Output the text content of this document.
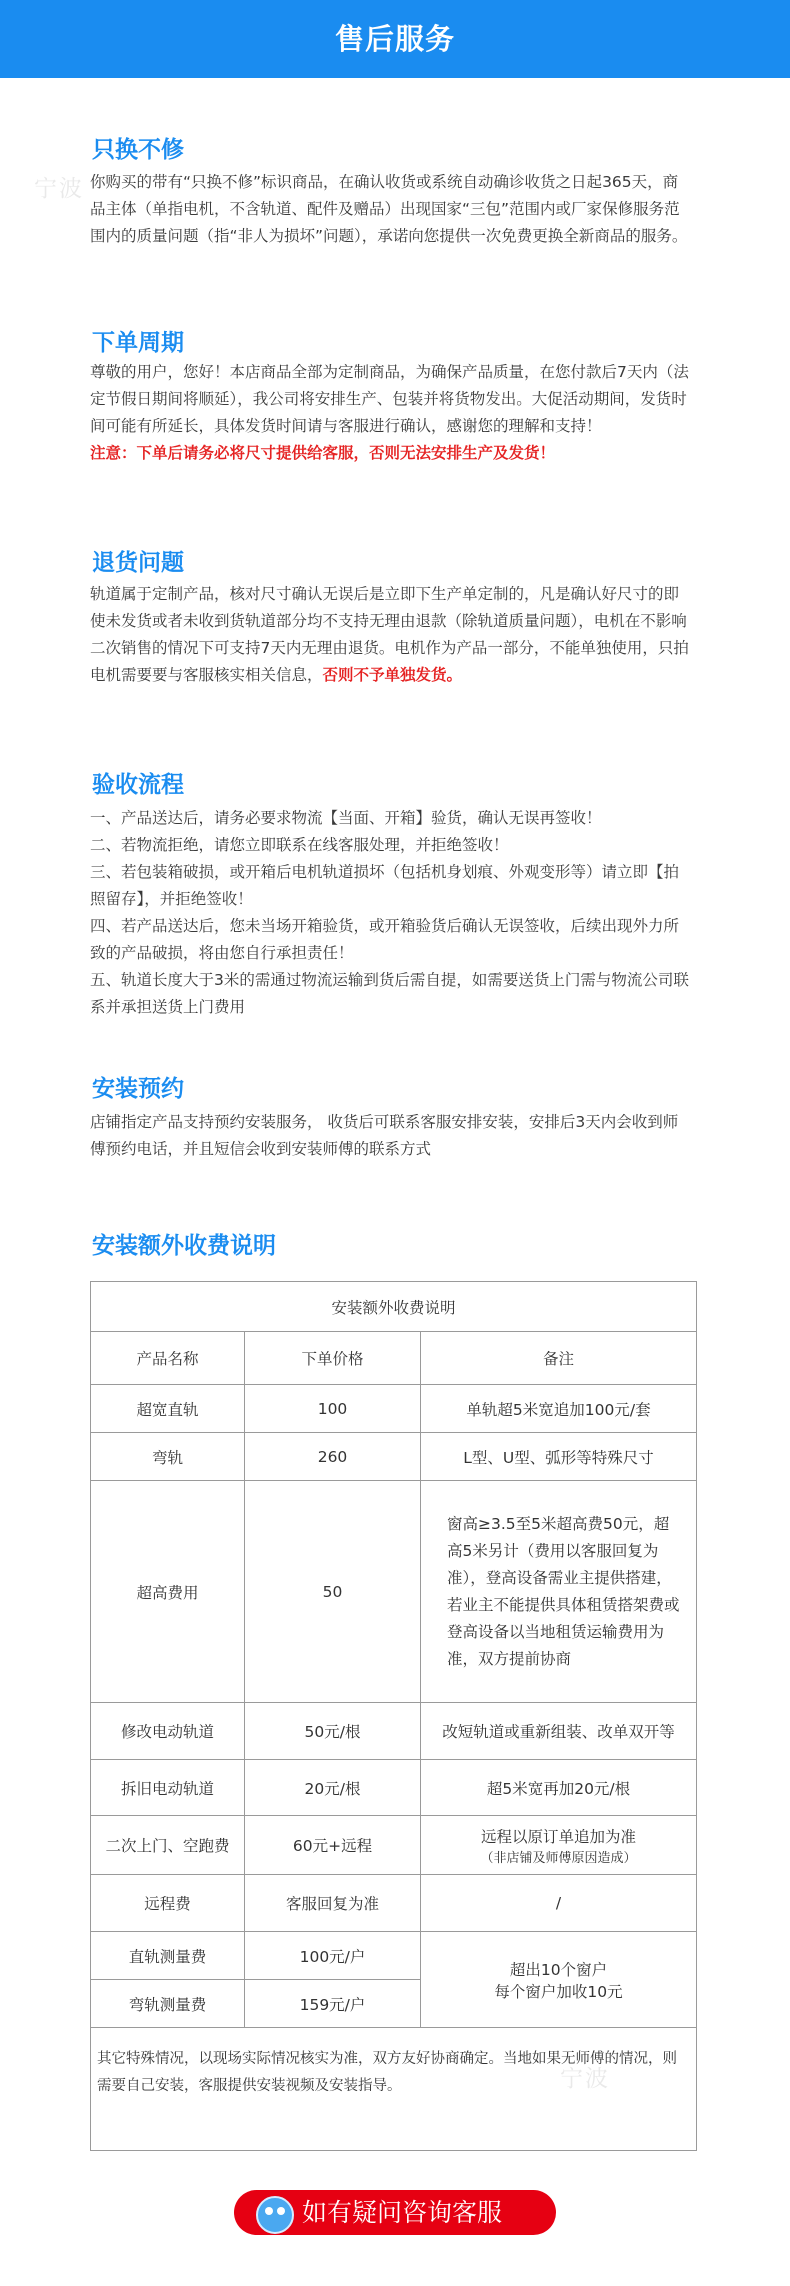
售后服务
宁波
宁波
只换不修
你购买的带有“只换不修”标识商品，在确认收货或系统自动确诊收货之日起365天，商品主体（单指电机，不含轨道、配件及赠品）出现国家“三包”范围内或厂家保修服务范围内的质量问题（指“非人为损坏”问题），承诺向您提供一次免费更换全新商品的服务。
下单周期
尊敬的用户，您好！本店商品全部为定制商品，为确保产品质量，在您付款后7天内（法定节假日期间将顺延），我公司将安排生产、包装并将货物发出。大促活动期间，发货时间可能有所延长，具体发货时间请与客服进行确认，感谢您的理解和支持！
注意：下单后请务必将尺寸提供给客服，否则无法安排生产及发货！
退货问题
轨道属于定制产品，核对尺寸确认无误后是立即下生产单定制的，凡是确认好尺寸的即使未发货或者未收到货轨道部分均不支持无理由退款（除轨道质量问题），电机在不影响二次销售的情况下可支持7天内无理由退货。电机作为产品一部分，不能单独使用，只拍电机需要要与客服核实相关信息，否则不予单独发货。
验收流程
一、产品送达后，请务必要求物流【当面、开箱】验货，确认无误再签收！
二、若物流拒绝，请您立即联系在线客服处理，并拒绝签收！
三、若包装箱破损，或开箱后电机轨道损坏（包括机身划痕、外观变形等）请立即【拍照留存】，并拒绝签收！
四、若产品送达后，您未当场开箱验货，或开箱验货后确认无误签收，后续出现外力所致的产品破损，将由您自行承担责任！
五、轨道长度大于3米的需通过物流运输到货后需自提，如需要送货上门需与物流公司联系并承担送货上门费用
安装预约
店铺指定产品支持预约安装服务， 收货后可联系客服安排安装，安排后3天内会收到师傅预约电话，并且短信会收到安装师傅的联系方式
安装额外收费说明
安装额外收费说明		
产品名称	下单价格	备注
超宽直轨	100	单轨超5米宽追加100元/套
弯轨	260	L型、U型、弧形等特殊尺寸
超高费用	50	窗高≥3.5至5米超高费50元，超高5米另计（费用以客服回复为准），登高设备需业主提供搭建，若业主不能提供具体租赁搭架费或登高设备以当地租赁运输费用为准，双方提前协商
修改电动轨道	50元/根	改短轨道或重新组装、改单双开等
拆旧电动轨道	20元/根	超5米宽再加20元/根
二次上门、空跑费	60元+远程	远程以原订单追加为准
（非店铺及师傅原因造成）

远程费	客服回复为准	/
直轨测量费	100元/户	超出10个窗户
每个窗户加收10元

弯轨测量费	159元/户	
其它特殊情况，以现场实际情况核实为准，双方友好协商确定。当地如果无师傅的情况，则需要自己安装，客服提供安装视频及安装指导。		
如有疑问咨询客服
